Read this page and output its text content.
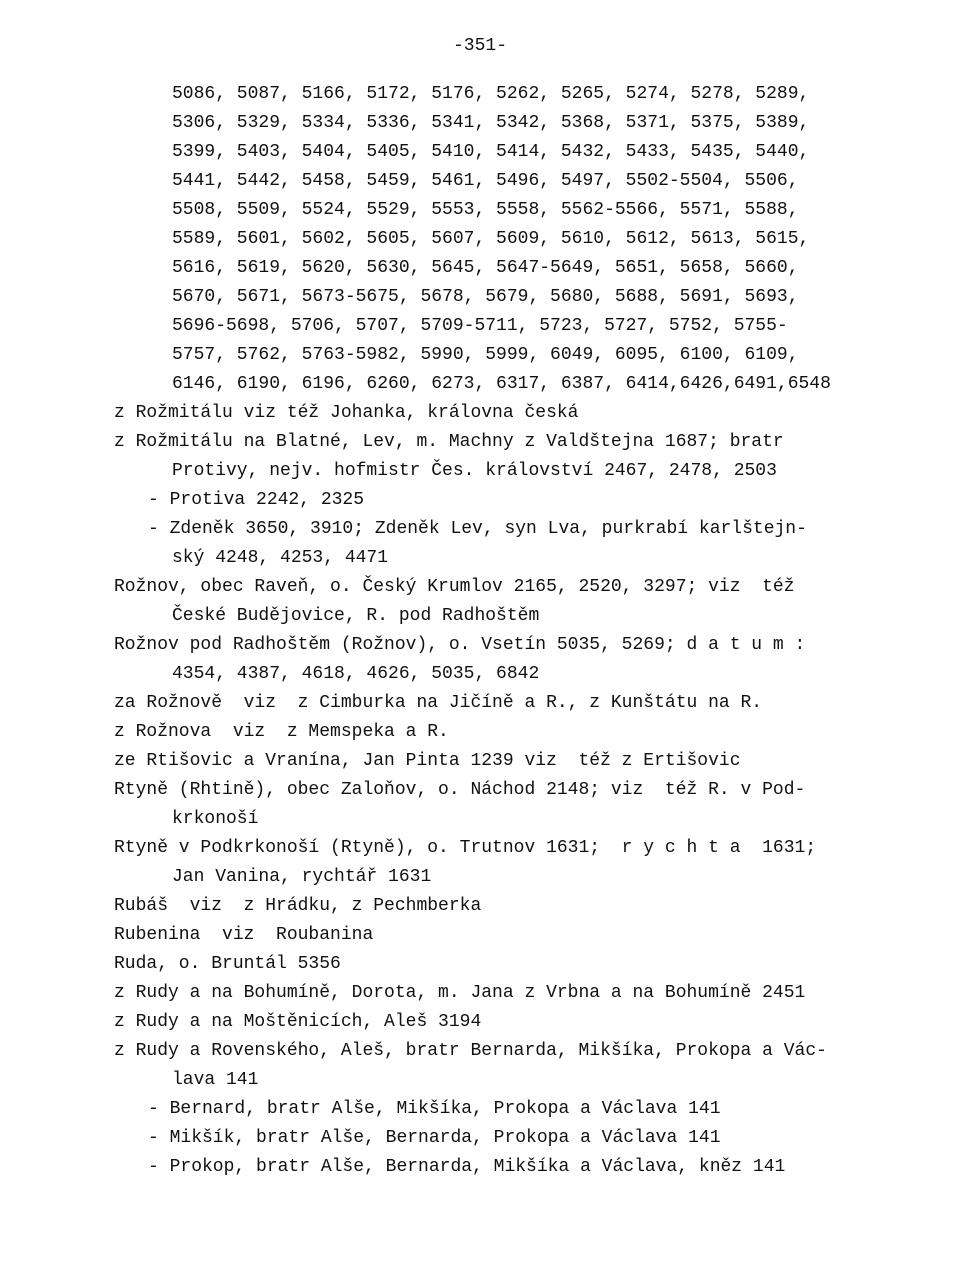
-351-
5086, 5087, 5166, 5172, 5176, 5262, 5265, 5274, 5278, 5289,
5306, 5329, 5334, 5336, 5341, 5342, 5368, 5371, 5375, 5389,
5399, 5403, 5404, 5405, 5410, 5414, 5432, 5433, 5435, 5440,
5441, 5442, 5458, 5459, 5461, 5496, 5497, 5502-5504, 5506,
5508, 5509, 5524, 5529, 5553, 5558, 5562-5566, 5571, 5588,
5589, 5601, 5602, 5605, 5607, 5609, 5610, 5612, 5613, 5615,
5616, 5619, 5620, 5630, 5645, 5647-5649, 5651, 5658, 5660,
5670, 5671, 5673-5675, 5678, 5679, 5680, 5688, 5691, 5693,
5696-5698, 5706, 5707, 5709-5711, 5723, 5727, 5752, 5755-
5757, 5762, 5763-5982, 5990, 5999, 6049, 6095, 6100, 6109,
6146, 6190, 6196, 6260, 6273, 6317, 6387, 6414,6426,6491,6548
z Rožmitálu viz též Johanka, královna česká
z Rožmitálu na Blatné, Lev, m. Machny z Valdštejna 1687; bratr
Protivy, nejv. hofmistr Čes. království 2467, 2478, 2503
- Protiva 2242, 2325
- Zdeněk 3650, 3910; Zdeněk Lev, syn Lva, purkrabí karlštejn-
ský 4248, 4253, 4471
Rožnov, obec Raveň, o. Český Krumlov 2165, 2520, 3297; viz  též
České Budějovice, R. pod Radhoštěm
Rožnov pod Radhoštěm (Rožnov), o. Vsetín 5035, 5269; d a t u m :
4354, 4387, 4618, 4626, 5035, 6842
za Rožnově  viz  z Cimburka na Jičíně a R., z Kunštátu na R.
z Rožnova  viz  z Memspeka a R.
ze Rtišovic a Vranína, Jan Pinta 1239 viz  též z Ertišovic
Rtyně (Rhtině), obec Zaloňov, o. Náchod 2148; viz  též R. v Pod-
krkonoší
Rtyně v Podkrkonoší (Rtyně), o. Trutnov 1631;  r y c h t a  1631;
Jan Vanina, rychtář 1631
Rubáš  viz  z Hrádku, z Pechmberka
Rubenina  viz  Roubanina
Ruda, o. Bruntál 5356
z Rudy a na Bohumíně, Dorota, m. Jana z Vrbna a na Bohumíně 2451
z Rudy a na Moštěnicích, Aleš 3194
z Rudy a Rovenského, Aleš, bratr Bernarda, Mikšíka, Prokopa a Vác-
lava 141
- Bernard, bratr Alše, Mikšíka, Prokopa a Václava 141
- Mikšík, bratr Alše, Bernarda, Prokopa a Václava 141
- Prokop, bratr Alše, Bernarda, Mikšíka a Václava, kněz 141
